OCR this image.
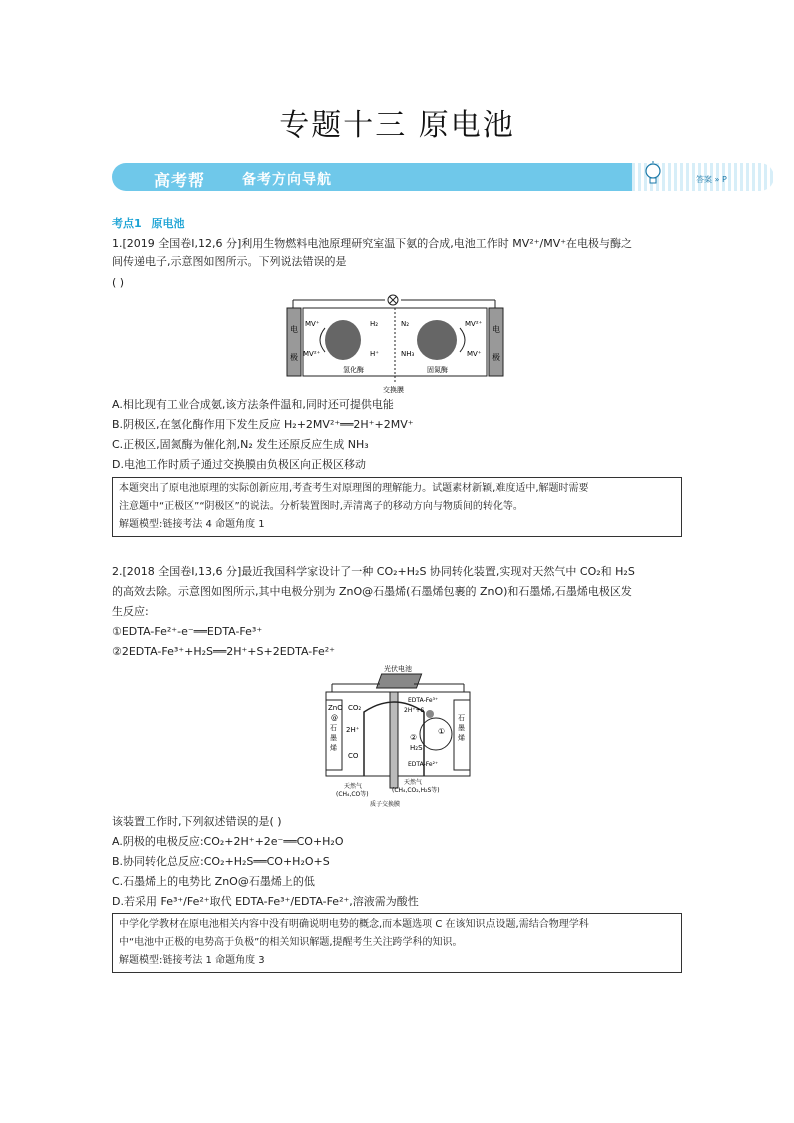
专题十三 原电池
高考帮	备考方向导航	答案 » P
考点1 原电池
1.[2019 全国卷Ⅰ,12,6 分]利用生物燃料电池原理研究室温下氨的合成,电池工作时 MV²⁺/MV⁺在电极与酶之
间传递电子,示意图如图所示。下列说法错误的是
( )
电
极
电
极
MV⁺
MV²⁺
H₂
H⁺
N₂
NH₃
MV²⁺
MV⁺
氢化酶	固氮酶
交换膜
A.相比现有工业合成氨,该方法条件温和,同时还可提供电能
B.阴极区,在氢化酶作用下发生反应 H₂+2MV²⁺══2H⁺+2MV⁺
C.正极区,固氮酶为催化剂,N₂ 发生还原反应生成 NH₃
D.电池工作时质子通过交换膜由负极区向正极区移动
本题突出了原电池原理的实际创新应用,考查考生对原理图的理解能力。试题素材新颖,难度适中,解题时需要
注意题中“正极区”“阴极区”的说法。分析装置图时,弄清离子的移动方向与物质间的转化等。
解题模型:链接考法 4 命题角度 1
2.[2018 全国卷Ⅰ,13,6 分]最近我国科学家设计了一种 CO₂+H₂S 协同转化装置,实现对天然气中 CO₂和 H₂S
的高效去除。示意图如图所示,其中电极分别为 ZnO@石墨烯(石墨烯包裹的 ZnO)和石墨烯,石墨烯电极区发
生反应:
①EDTA-Fe²⁺-e⁻══EDTA-Fe³⁺
②2EDTA-Fe³⁺+H₂S══2H⁺+S+2EDTA-Fe²⁺
光伏电池
ZnO
@
石
墨
烯
石
墨
烯
CO₂
2H⁺
CO
EDTA-Fe³⁺
2H⁺+S
H₂S
EDTA-Fe²⁺
①
②
天然气
(CH₄,CO等)
天然气
(CH₄,CO₂,H₂S等)
质子交换膜
该装置工作时,下列叙述错误的是( )
A.阴极的电极反应:CO₂+2H⁺+2e⁻══CO+H₂O
B.协同转化总反应:CO₂+H₂S══CO+H₂O+S
C.石墨烯上的电势比 ZnO@石墨烯上的低
D.若采用 Fe³⁺/Fe²⁺取代 EDTA-Fe³⁺/EDTA-Fe²⁺,溶液需为酸性
中学化学教材在原电池相关内容中没有明确说明电势的概念,而本题选项 C 在该知识点设题,需结合物理学科
中“电池中正极的电势高于负极”的相关知识解题,提醒考生关注跨学科的知识。
解题模型:链接考法 1 命题角度 3
